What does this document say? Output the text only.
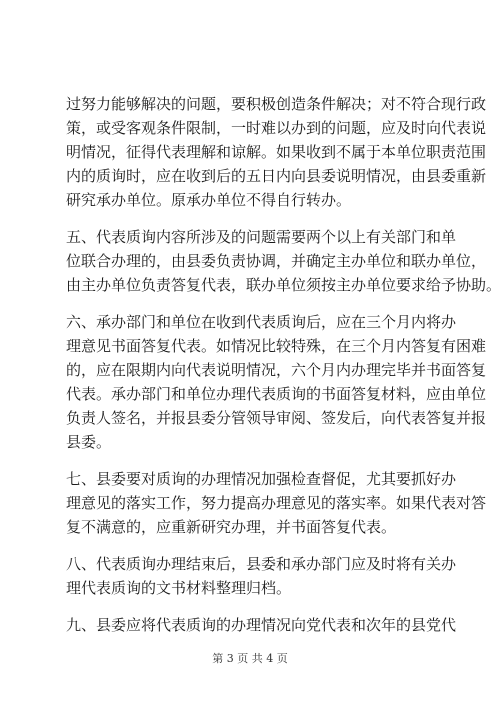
过努力能够解决的问题，要积极创造条件解决；对不符合现行政
策，或受客观条件限制，一时难以办到的问题，应及时向代表说
明情况，征得代表理解和谅解。如果收到不属于本单位职责范围
内的质询时，应在收到后的五日内向县委说明情况，由县委重新
研究承办单位。原承办单位不得自行转办。
五、代表质询内容所涉及的问题需要两个以上有关部门和单
位联合办理的，由县委负责协调，并确定主办单位和联办单位，
由主办单位负责答复代表，联办单位须按主办单位要求给予协助。
六、承办部门和单位在收到代表质询后，应在三个月内将办
理意见书面答复代表。如情况比较特殊，在三个月内答复有困难
的，应在限期内向代表说明情况，六个月内办理完毕并书面答复
代表。承办部门和单位办理代表质询的书面答复材料，应由单位
负责人签名，并报县委分管领导审阅、签发后，向代表答复并报
县委。
七、县委要对质询的办理情况加强检查督促，尤其要抓好办
理意见的落实工作，努力提高办理意见的落实率。如果代表对答
复不满意的，应重新研究办理，并书面答复代表。
八、代表质询办理结束后，县委和承办部门应及时将有关办
理代表质询的文书材料整理归档。
九、县委应将代表质询的办理情况向党代表和次年的县党代
第 3 页 共 4 页
